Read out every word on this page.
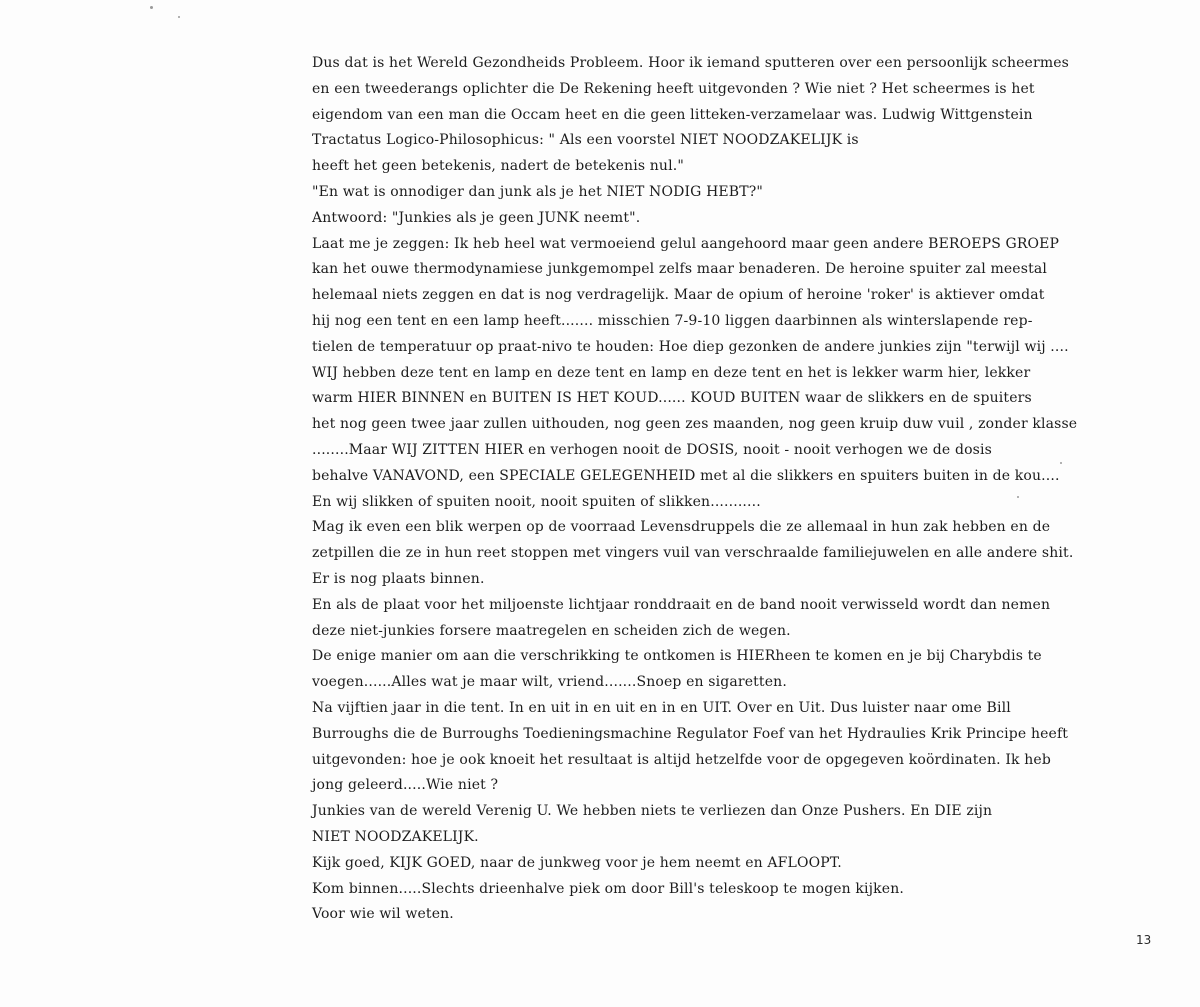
Dus dat is het Wereld Gezondheids Probleem. Hoor ik iemand sputteren over een persoonlijk scheermes
en een tweederangs oplichter die De Rekening heeft uitgevonden ? Wie niet ? Het scheermes is het
eigendom van een man die Occam heet en die geen litteken-verzamelaar was. Ludwig Wittgenstein
Tractatus Logico-Philosophicus: " Als een voorstel NIET NOODZAKELIJK is
heeft het geen betekenis, nadert de betekenis nul."
"En wat is onnodiger dan junk als je het NIET NODIG HEBT?"
Antwoord: "Junkies als je geen JUNK neemt".
Laat me je zeggen: Ik heb heel wat vermoeiend gelul aangehoord maar geen andere BEROEPS GROEP
kan het ouwe thermodynamiese junkgemompel zelfs maar benaderen. De heroine spuiter zal meestal
helemaal niets zeggen en dat is nog verdragelijk. Maar de opium of heroine 'roker' is aktiever omdat
hij nog een tent en een lamp heeft....... misschien 7-9-10 liggen daarbinnen als winterslapende rep-
tielen de temperatuur op praat-nivo te houden: Hoe diep gezonken de andere junkies zijn "terwijl wij ....
WIJ hebben deze tent en lamp en deze tent en lamp en deze tent en het is lekker warm hier, lekker
warm HIER BINNEN en BUITEN IS HET KOUD...... KOUD BUITEN waar de slikkers en de spuiters
het nog geen twee jaar zullen uithouden, nog geen zes maanden, nog geen kruip duw vuil , zonder klasse
........Maar WIJ ZITTEN HIER en verhogen nooit de DOSIS, nooit - nooit verhogen we de dosis
behalve VANAVOND, een SPECIALE GELEGENHEID met al die slikkers en spuiters buiten in de kou....
En wij slikken of spuiten nooit, nooit spuiten of slikken...........
Mag ik even een blik werpen op de voorraad Levensdruppels die ze allemaal in hun zak hebben en de
zetpillen die ze in hun reet stoppen met vingers vuil van verschraalde familiejuwelen en alle andere shit.
Er is nog plaats binnen.
En als de plaat voor het miljoenste lichtjaar ronddraait en de band nooit verwisseld wordt dan nemen
deze niet-junkies forsere maatregelen en scheiden zich de wegen.
De enige manier om aan die verschrikking te ontkomen is HIERheen te komen en je bij Charybdis te
voegen......Alles wat je maar wilt, vriend.......Snoep en sigaretten.
Na vijftien jaar in die tent. In en uit in en uit en in en UIT. Over en Uit. Dus luister naar ome Bill
Burroughs die de Burroughs Toedieningsmachine Regulator Foef van het Hydraulies Krik Principe heeft
uitgevonden: hoe je ook knoeit het resultaat is altijd hetzelfde voor de opgegeven koördinaten. Ik heb
jong geleerd.....Wie niet ?
Junkies van de wereld Verenig U. We hebben niets te verliezen dan Onze Pushers. En DIE zijn
NIET NOODZAKELIJK.
Kijk goed, KIJK GOED, naar de junkweg voor je hem neemt en AFLOOPT.
Kom binnen.....Slechts drieenhalve piek om door Bill's teleskoop te mogen kijken.
Voor wie wil weten.
13
